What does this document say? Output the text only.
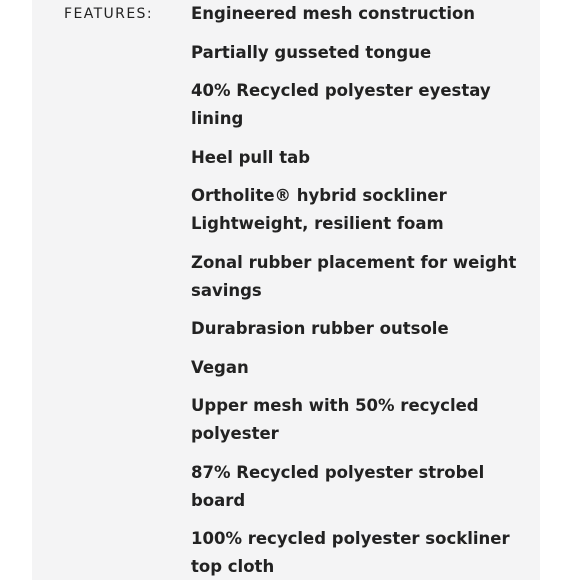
FEATURES: Engineered mesh construction
Partially gusseted tongue
40% Recycled polyester eyestay
lining
Heel pull tab
Ortholite® hybrid sockliner
Lightweight, resilient foam
Zonal rubber placement for weight
savings
Durabrasion rubber outsole
Vegan
Upper mesh with 50% recycled
polyester
87% Recycled polyester strobel
board
100% recycled polyester sockliner
top cloth
